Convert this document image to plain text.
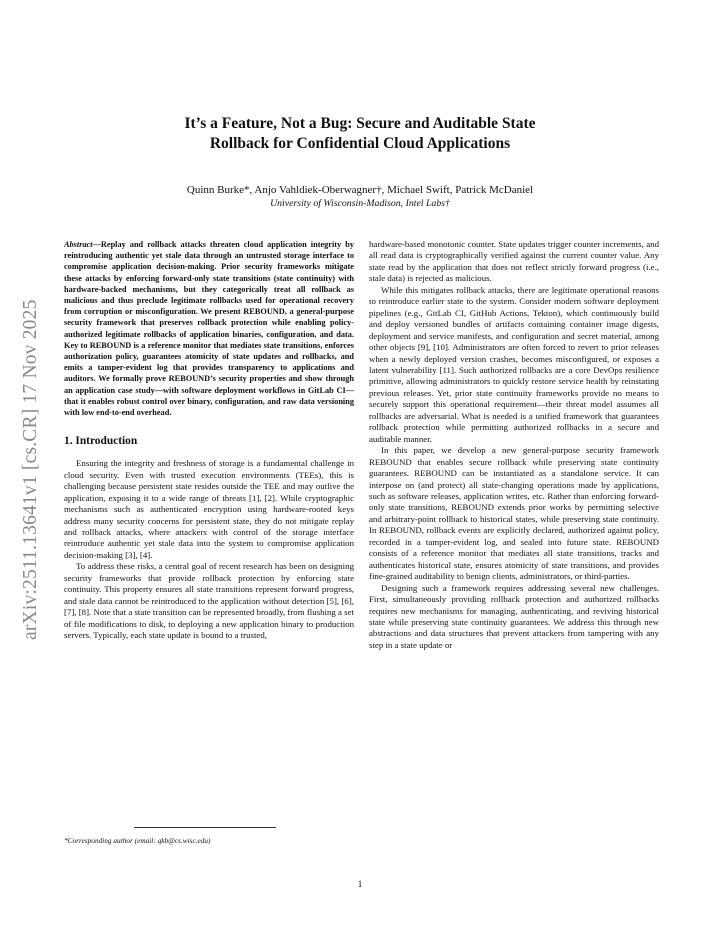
arXiv:2511.13641v1 [cs.CR] 17 Nov 2025
It’s a Feature, Not a Bug: Secure and Auditable State
Rollback for Confidential Cloud Applications
Quinn Burke*, Anjo Vahldiek-Oberwagner†, Michael Swift, Patrick McDaniel
University of Wisconsin-Madison, Intel Labs†

Abstract—Replay and rollback attacks threaten cloud application integrity by reintroducing authentic yet stale data through an untrusted storage interface to compromise application decision-making. Prior security frameworks mitigate these attacks by enforcing forward-only state transitions (state continuity) with hardware-backed mechanisms, but they categorically treat all rollback as malicious and thus preclude legitimate rollbacks used for operational recovery from corruption or misconfiguration. We present REBOUND, a general-purpose security framework that preserves rollback protection while enabling policy-authorized legitimate rollbacks of application binaries, configuration, and data. Key to REBOUND is a reference monitor that mediates state transitions, enforces authorization policy, guarantees atomicity of state updates and rollbacks, and emits a tamper-evident log that provides transparency to applications and auditors. We formally prove REBOUND’s security properties and show through an application case study—with software deployment workflows in GitLab CI—that it enables robust control over binary, configuration, and raw data versioning with low end-to-end overhead.

1. Introduction

Ensuring the integrity and freshness of storage is a fundamental challenge in cloud security. Even with trusted execution environments (TEEs), this is challenging because persistent state resides outside the TEE and may outlive the application, exposing it to a wide range of threats [1], [2]. While cryptographic mechanisms such as authenticated encryption using hardware-rooted keys address many security concerns for persistent state, they do not mitigate replay and rollback attacks, where attackers with control of the storage interface reintroduce authentic yet stale data into the system to compromise application decision-making [3], [4].

To address these risks, a central goal of recent research has been on designing security frameworks that provide rollback protection by enforcing state continuity. This property ensures all state transitions represent forward progress, and stale data cannot be reintroduced to the application without detection [5], [6], [7], [8]. Note that a state transition can be represented broadly, from flushing a set of file modifications to disk, to deploying a new application binary to production servers. Typically, each state update is bound to a trusted,

hardware-based monotonic counter. State updates trigger counter increments, and all read data is cryptographically verified against the current counter value. Any state read by the application that does not reflect strictly forward progress (i.e., stale data) is rejected as malicious.

While this mitigates rollback attacks, there are legitimate operational reasons to reintroduce earlier state to the system. Consider modern software deployment pipelines (e.g., GitLab CI, GitHub Actions, Tekton), which continuously build and deploy versioned bundles of artifacts containing container image digests, deployment and service manifests, and configuration and secret material, among other objects [9], [10]. Administrators are often forced to revert to prior releases when a newly deployed version crashes, becomes misconfigured, or exposes a latent vulnerability [11]. Such authorized rollbacks are a core DevOps resilience primitive, allowing administrators to quickly restore service health by reinstating previous releases. Yet, prior state continuity frameworks provide no means to securely support this operational requirement—their threat model assumes all rollbacks are adversarial. What is needed is a unified framework that guarantees rollback protection while permitting authorized rollbacks in a secure and auditable manner.

In this paper, we develop a new general-purpose security framework REBOUND that enables secure rollback while preserving state continuity guarantees. REBOUND can be instantiated as a standalone service. It can interpose on (and protect) all state-changing operations made by applications, such as software releases, application writes, etc. Rather than enforcing forward-only state transitions, REBOUND extends prior works by permitting selective and arbitrary-point rollback to historical states, while preserving state continuity. In REBOUND, rollback events are explicitly declared, authorized against policy, recorded in a tamper-evident log, and sealed into future state. REBOUND consists of a reference monitor that mediates all state transitions, tracks and authenticates historical state, ensures atomicity of state transitions, and provides fine-grained auditability to benign clients, administrators, or third-parties.

Designing such a framework requires addressing several new challenges. First, simultaneously providing rollback protection and authorized rollbacks requires new mechanisms for managing, authenticating, and reviving historical state while preserving state continuity guarantees. We address this through new abstractions and data structures that prevent attackers from tampering with any step in a state update or

*Corresponding author (email: qkb@cs.wisc.edu)
1
